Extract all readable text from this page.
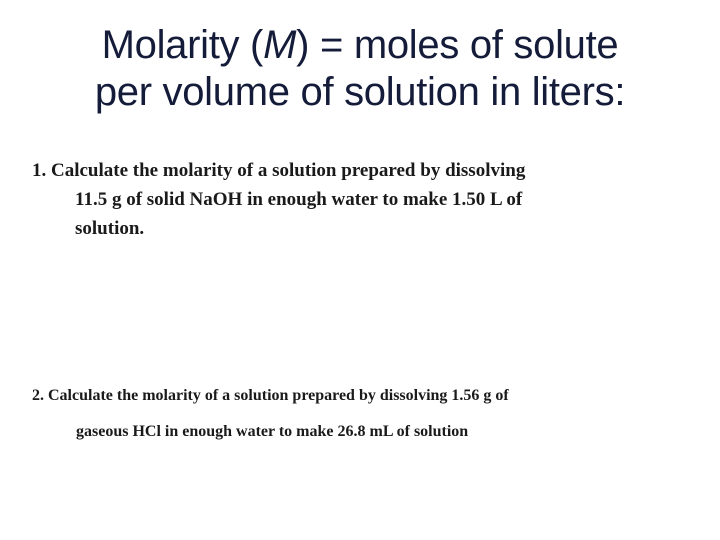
Molarity (M) = moles of solute
per volume of solution in liters:
1. Calculate the molarity of a solution prepared by dissolving
11.5 g of solid NaOH in enough water to make 1.50 L of
solution.
2. Calculate the molarity of a solution prepared by dissolving 1.56 g of
gaseous HCl in enough water to make 26.8 mL of solution
